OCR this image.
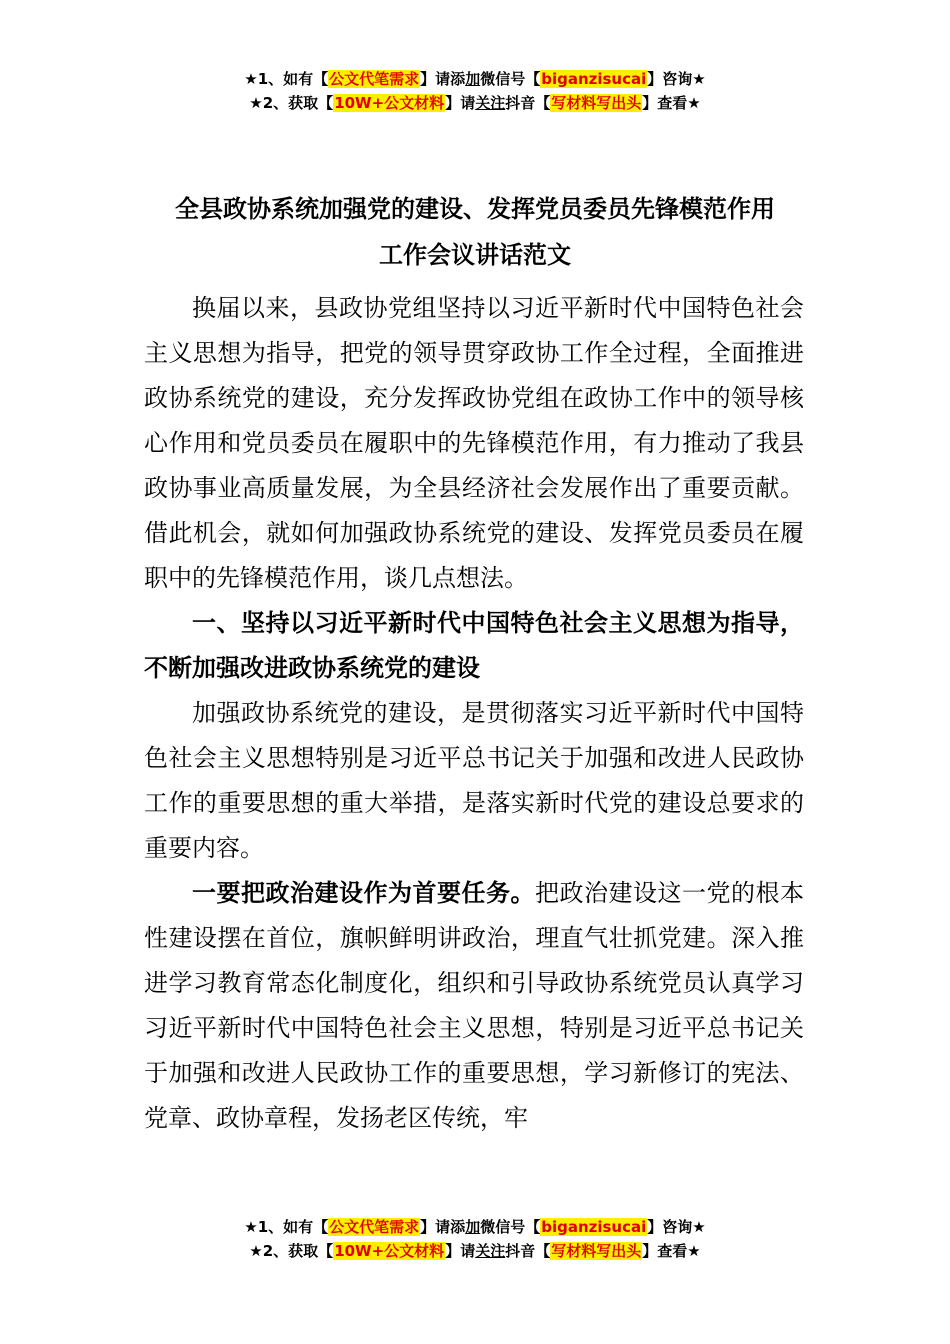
★1、如有【公文代笔需求】请添加微信号【biganzisucai】咨询★
★2、获取【10W+公文材料】请关注抖音【写材料写出头】查看★
全县政协系统加强党的建设、发挥党员委员先锋模范作用
工作会议讲话范文

换届以来，县政协党组坚持以习近平新时代中国特色社会主义思想为指导，把党的领导贯穿政协工作全过程，全面推进政协系统党的建设，充分发挥政协党组在政协工作中的领导核心作用和党员委员在履职中的先锋模范作用，有力推动了我县政协事业高质量发展，为全县经济社会发展作出了重要贡献。借此机会，就如何加强政协系统党的建设、发挥党员委员在履职中的先锋模范作用，谈几点想法。

一、坚持以习近平新时代中国特色社会主义思想为指导，不断加强改进政协系统党的建设

加强政协系统党的建设，是贯彻落实习近平新时代中国特色社会主义思想特别是习近平总书记关于加强和改进人民政协工作的重要思想的重大举措，是落实新时代党的建设总要求的重要内容。

一要把政治建设作为首要任务。把政治建设这一党的根本性建设摆在首位，旗帜鲜明讲政治，理直气壮抓党建。深入推进学习教育常态化制度化，组织和引导政协系统党员认真学习习近平新时代中国特色社会主义思想，特别是习近平总书记关于加强和改进人民政协工作的重要思想，学习新修订的宪法、党章、政协章程，发扬老区传统，牢

★1、如有【公文代笔需求】请添加微信号【biganzisucai】咨询★
★2、获取【10W+公文材料】请关注抖音【写材料写出头】查看★
